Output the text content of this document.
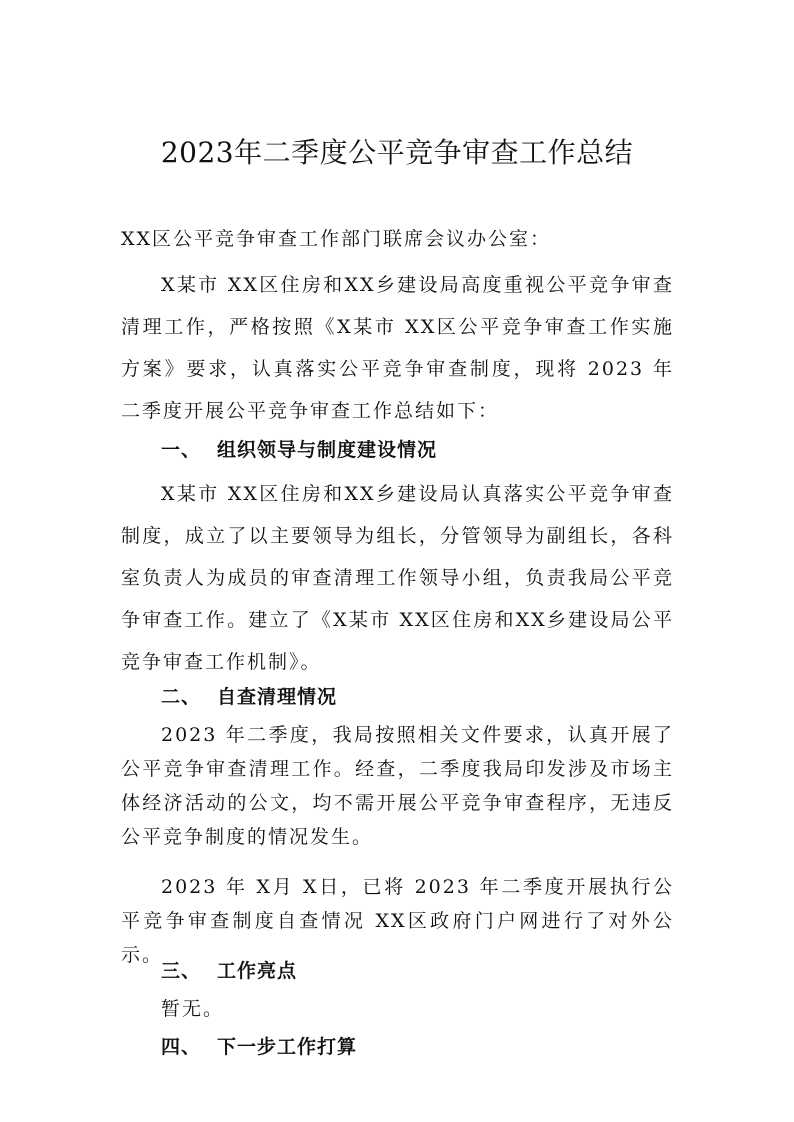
2023年二季度公平竞争审查工作总结

XX区公平竞争审查工作部门联席会议办公室：

X某市 XX区住房和XX乡建设局高度重视公平竞争审查清理工作，严格按照《X某市 XX区公平竞争审查工作实施方案》要求，认真落实公平竞争审查制度，现将 2023 年二季度开展公平竞争审查工作总结如下：

一、 组织领导与制度建设情况

X某市 XX区住房和XX乡建设局认真落实公平竞争审查制度，成立了以主要领导为组长，分管领导为副组长，各科室负责人为成员的审查清理工作领导小组，负责我局公平竞争审查工作。建立了《X某市 XX区住房和XX乡建设局公平竞争审查工作机制》。

二、 自查清理情况

2023 年二季度，我局按照相关文件要求，认真开展了公平竞争审查清理工作。经查，二季度我局印发涉及市场主体经济活动的公文，均不需开展公平竞争审查程序，无违反公平竞争制度的情况发生。

2023 年 X月 X日，已将 2023 年二季度开展执行公平竞争审查制度自查情况 XX区政府门户网进行了对外公示。

三、 工作亮点

暂无。

四、 下一步工作打算
